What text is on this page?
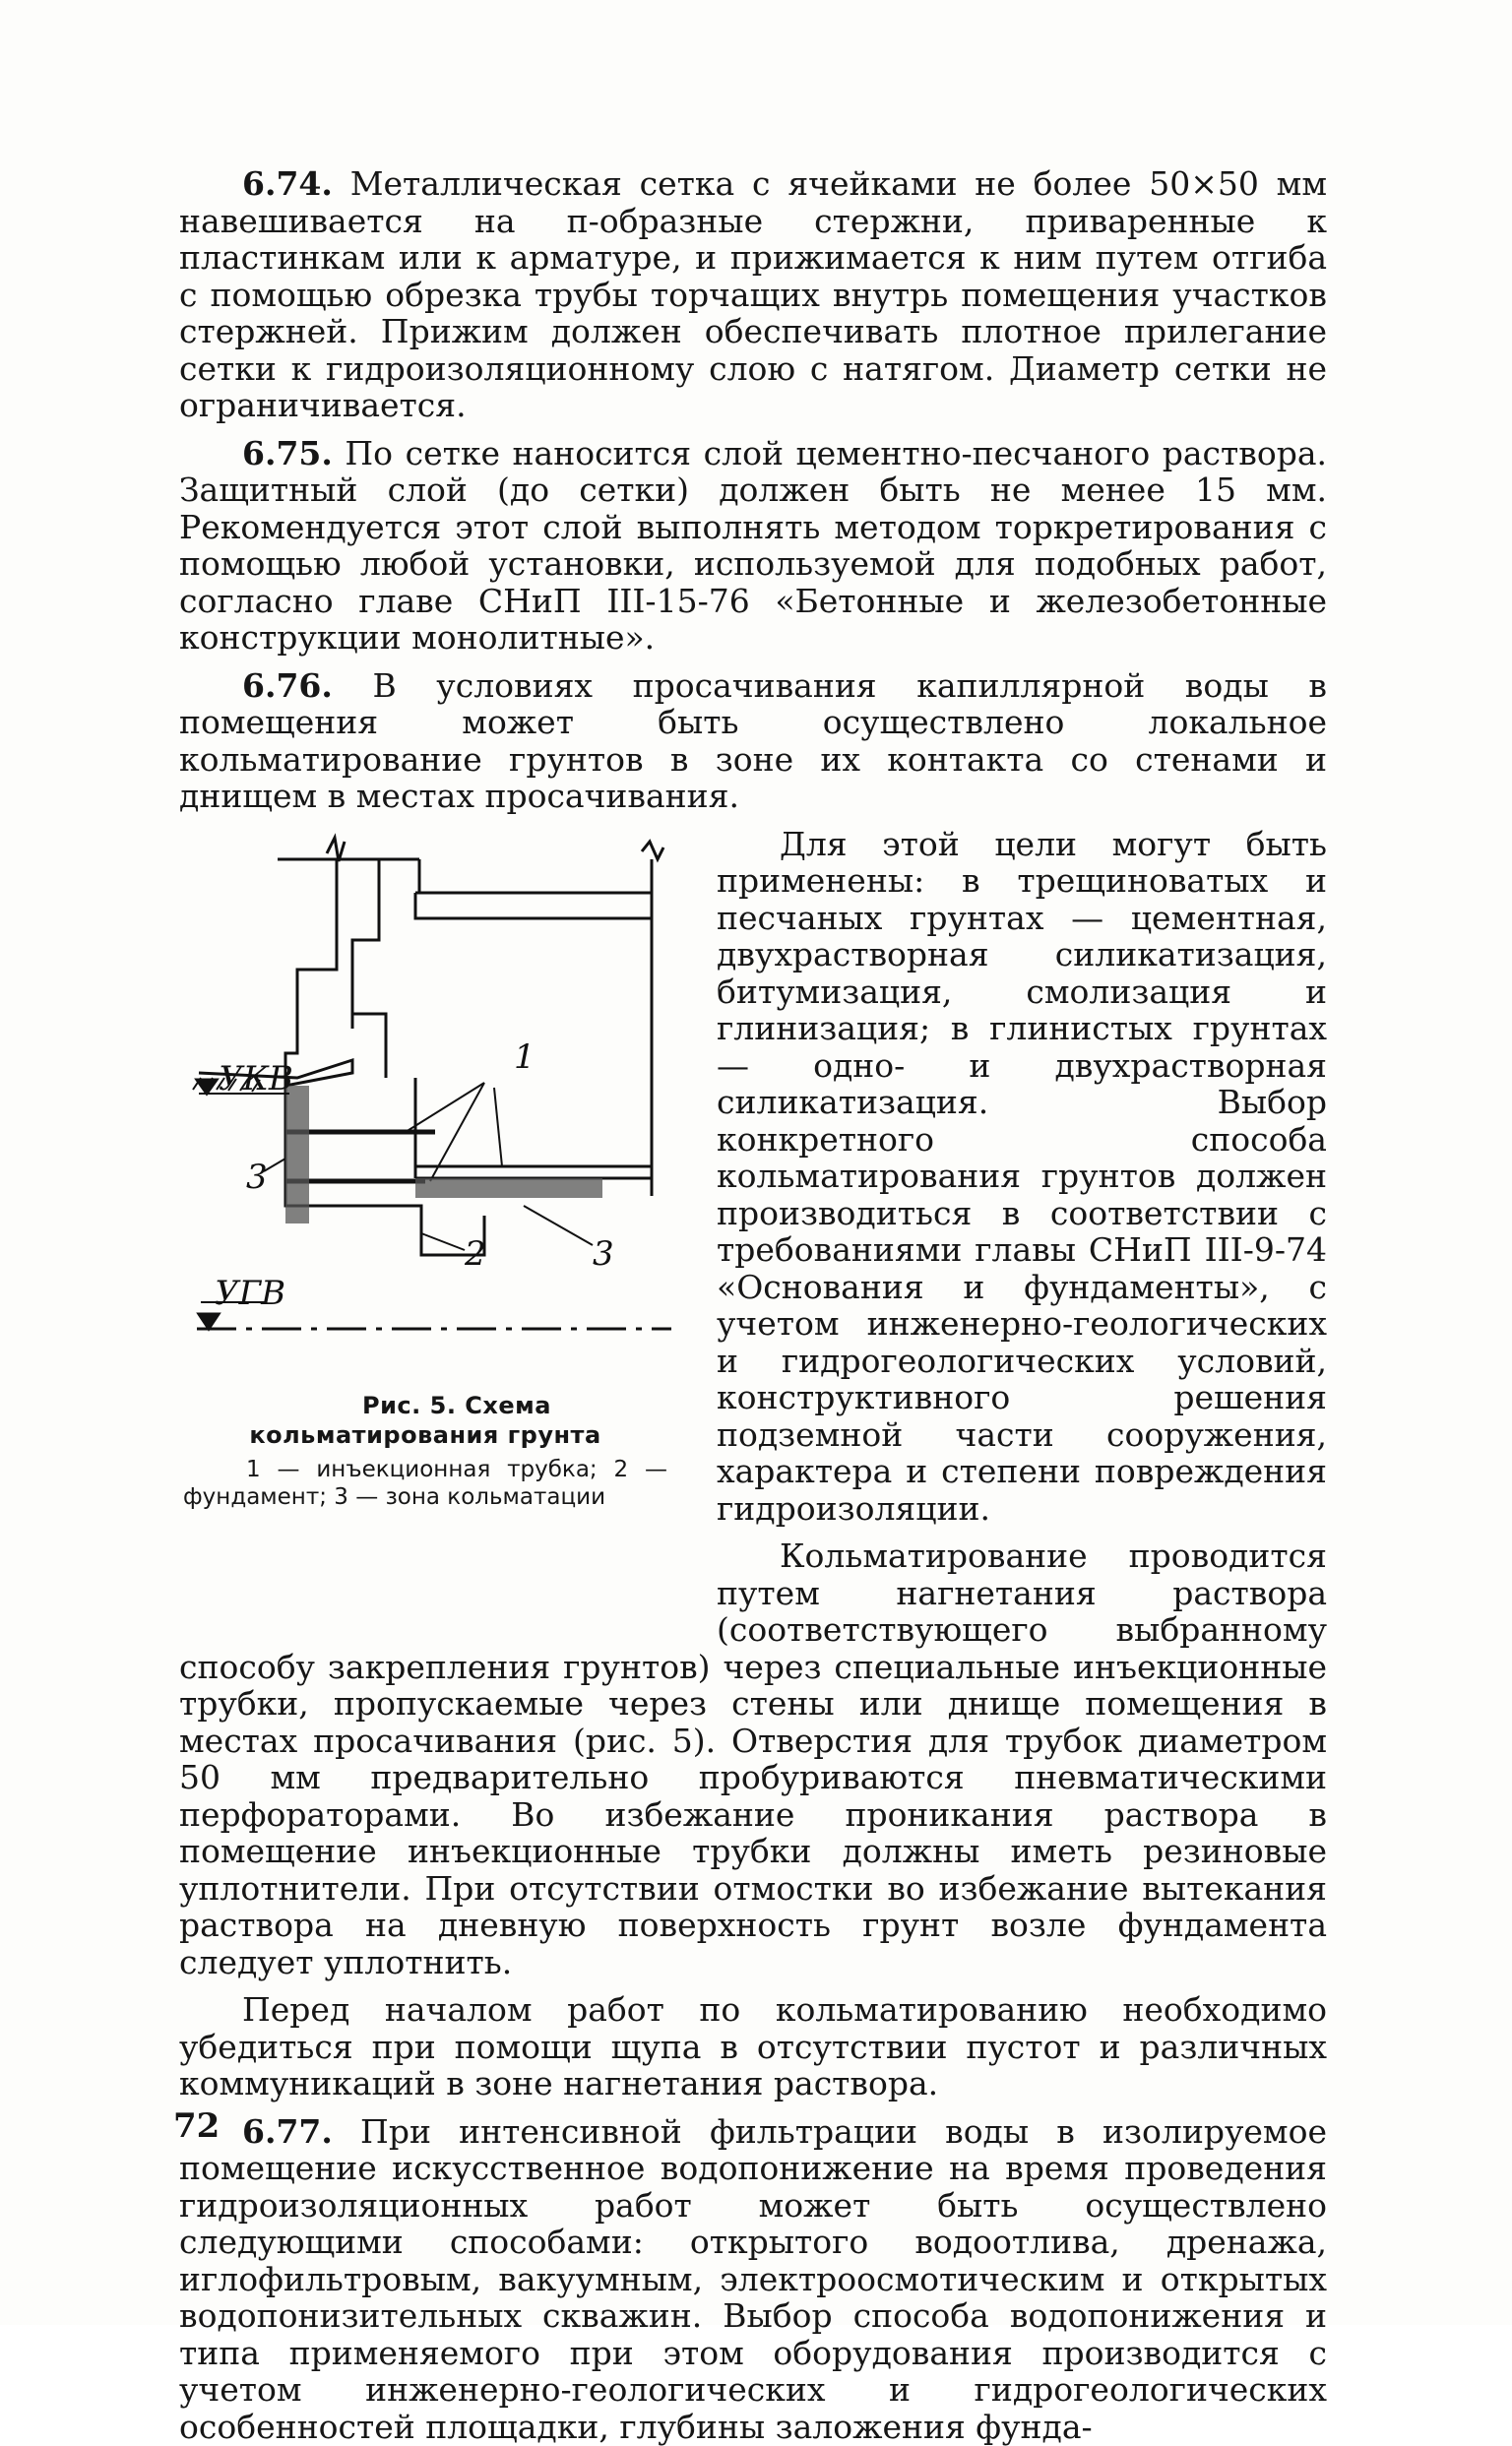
6.74. Металлическая сетка с ячейками не более 50×50 мм навешивается на п-образные стержни, приваренные к пластинкам или к арматуре, и прижимается к ним путем отгиба с помощью обрезка трубы торчащих внутрь помещения участков стержней. Прижим должен обеспечивать плотное прилегание сетки к гидроизоляционному слою с натягом. Диаметр сетки не ограничивается.

6.75. По сетке наносится слой цементно-песчаного раствора. Защитный слой (до сетки) должен быть не менее 15 мм. Рекомендуется этот слой выполнять методом торкретирования с помощью любой установки, используемой для подобных работ, согласно главе СНиП III-15-76 «Бетонные и железобетонные конструкции монолитные».

6.76. В условиях просачивания капиллярной воды в помещения может быть осуществлено локальное кольматирование грунтов в зоне их контакта со стенами и днищем в местах просачивания.

УКВ
УГВ
1
2
3
3
Рис. 5. Схема кольматирования грунта
1 — инъекционная трубка; 2 — фундамент; 3 — зона кольматации
Для этой цели могут быть применены: в трещиноватых и песчаных грунтах — цементная, двухрастворная силикатизация, битумизация, смолизация и глинизация; в глинистых грунтах — одно- и двухрастворная силикатизация. Выбор конкретного способа кольматирования грунтов должен производиться в соответствии с требованиями главы СНиП III-9-74 «Основания и фундаменты», с учетом инженерно-геологических и гидрогеологических условий, конструктивного решения подземной части сооружения, характера и степени повреждения гидроизоляции.

Кольматирование проводится путем нагнетания раствора (соответствующего выбранному способу закрепления грунтов) через специальные инъекционные трубки, пропускаемые через стены или днище помещения в местах просачивания (рис. 5). Отверстия для трубок диаметром 50 мм предварительно пробуриваются пневматическими перфораторами. Во избежание проникания раствора в помещение инъекционные трубки должны иметь резиновые уплотнители. При отсутствии отмостки во избежание вытекания раствора на дневную поверхность грунт возле фундамента следует уплотнить.

Перед началом работ по кольматированию необходимо убедиться при помощи щупа в отсутствии пустот и различных коммуникаций в зоне нагнетания раствора.

6.77. При интенсивной фильтрации воды в изолируемое помещение искусственное водопонижение на время проведения гидроизоляционных работ может быть осуществлено следующими способами: открытого водоотлива, дренажа, иглофильтровым, вакуумным, электроосмотическим и открытых водопонизительных скважин. Выбор способа водопонижения и типа применяемого при этом оборудования производится с учетом инженерно-геологических и гидрогеологических особенностей площадки, глубины заложения фунда-

72
